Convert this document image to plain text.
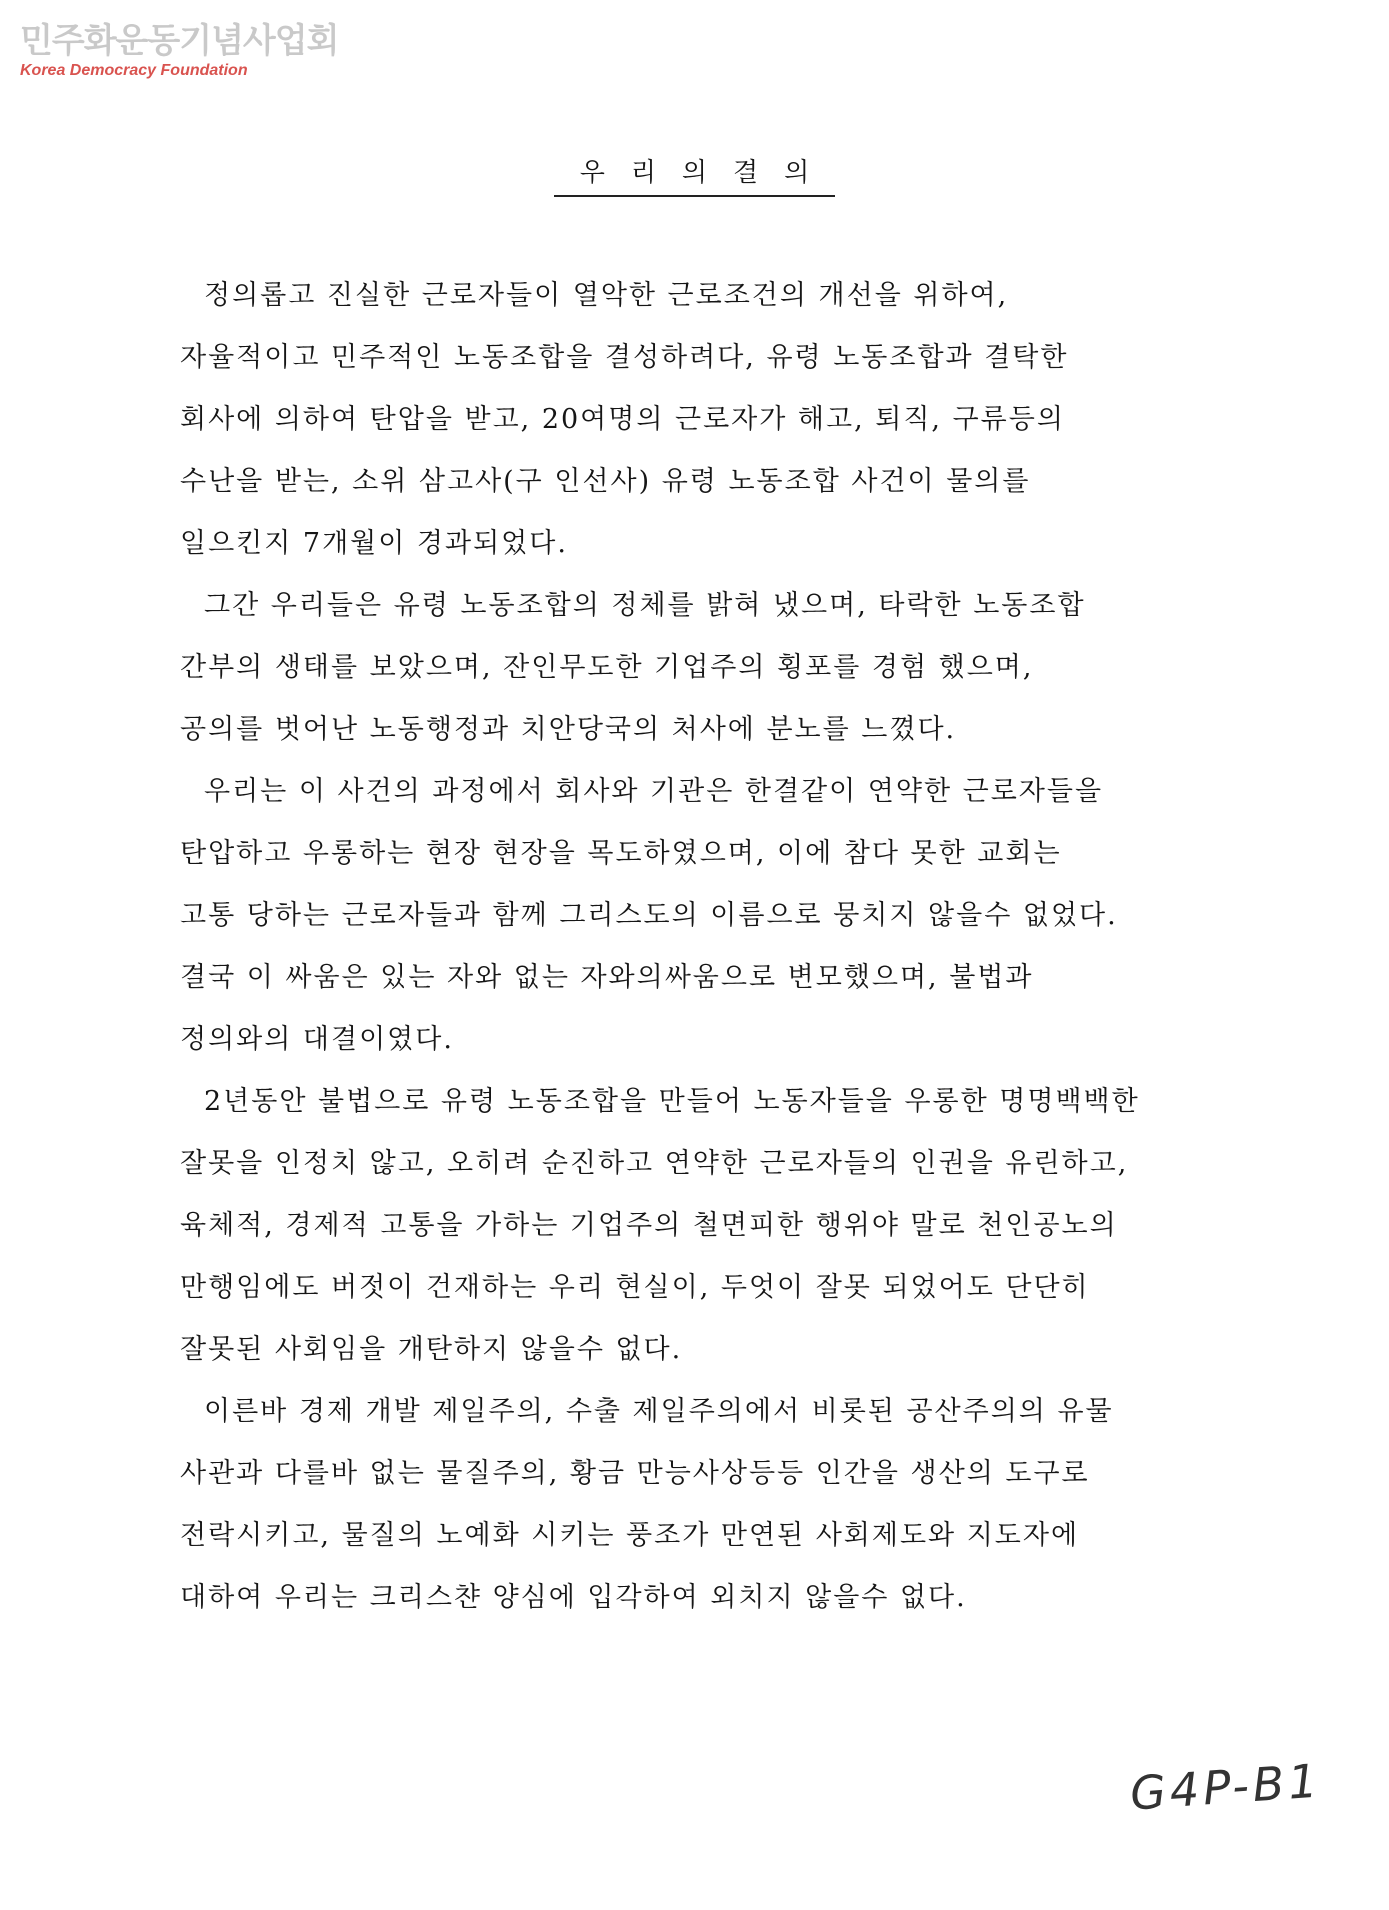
민주화운동기념사업회
Korea Democracy Foundation
우리의결의
정의롭고 진실한 근로자들이 열악한 근로조건의 개선을 위하여,
자율적이고 민주적인 노동조합을 결성하려다, 유령 노동조합과 결탁한
회사에 의하여 탄압을 받고, 20여명의 근로자가 해고, 퇴직, 구류등의
수난을 받는, 소위 삼고사(구 인선사) 유령 노동조합 사건이 물의를
일으킨지 7개월이 경과되었다.
그간 우리들은 유령 노동조합의 정체를 밝혀 냈으며, 타락한 노동조합
간부의 생태를 보았으며, 잔인무도한 기업주의 횡포를 경험 했으며,
공의를 벗어난 노동행정과 치안당국의 처사에 분노를 느꼈다.
우리는 이 사건의 과정에서 회사와 기관은 한결같이 연약한 근로자들을
탄압하고 우롱하는 현장 현장을 목도하였으며, 이에 참다 못한 교회는
고통 당하는 근로자들과 함께 그리스도의 이름으로 뭉치지 않을수 없었다.
결국 이 싸움은 있는 자와 없는 자와의싸움으로 변모했으며, 불법과
정의와의 대결이였다.
2년동안 불법으로 유령 노동조합을 만들어 노동자들을 우롱한 명명백백한
잘못을 인정치 않고, 오히려 순진하고 연약한 근로자들의 인권을 유린하고,
육체적, 경제적 고통을 가하는 기업주의 철면피한 행위야 말로 천인공노의
만행임에도 버젓이 건재하는 우리 현실이, 두엇이 잘못 되었어도 단단히
잘못된 사회임을 개탄하지 않을수 없다.
이른바 경제 개발 제일주의, 수출 제일주의에서 비롯된 공산주의의 유물
사관과 다를바 없는 물질주의, 황금 만능사상등등 인간을 생산의 도구로
전락시키고, 물질의 노예화 시키는 풍조가 만연된 사회제도와 지도자에
대하여 우리는 크리스챤 양심에 입각하여 외치지 않을수 없다.
G4P-B1
